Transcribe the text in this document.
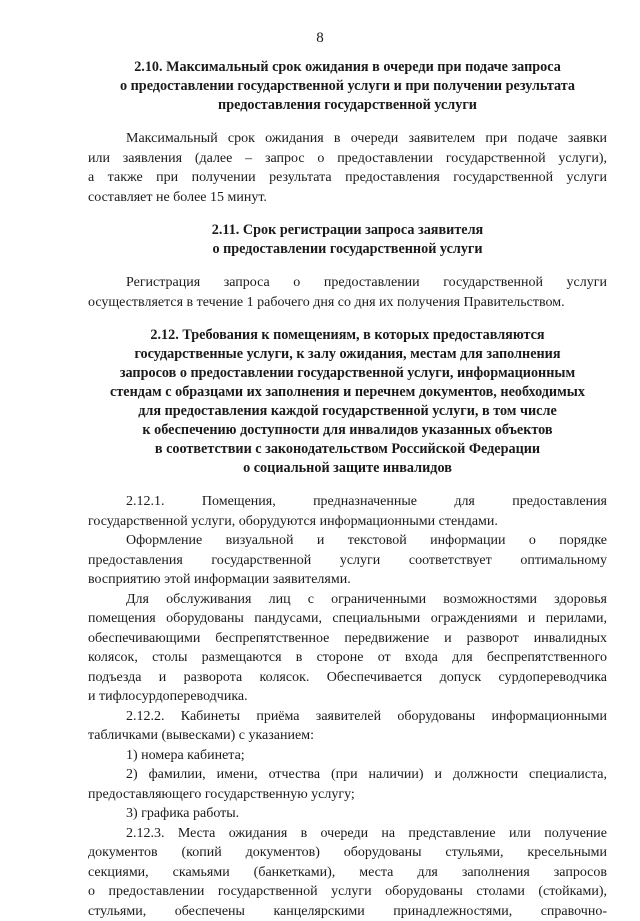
8
2.10. Максимальный срок ожидания в очереди при подаче запроса
о предоставлении государственной услуги и при получении результата
предоставления государственной услуги
Максимальный срок ожидания в очереди заявителем при подаче заявки
или заявления (далее – запрос о предоставлении государственной услуги),
а также при получении результата предоставления государственной услуги
составляет не более 15 минут.
2.11. Срок регистрации запроса заявителя
о предоставлении государственной услуги
Регистрация запроса о предоставлении государственной услуги
осуществляется в течение 1 рабочего дня со дня их получения Правительством.
2.12. Требования к помещениям, в которых предоставляются
государственные услуги, к залу ожидания, местам для заполнения
запросов о предоставлении государственной услуги, информационным
стендам с образцами их заполнения и перечнем документов, необходимых
для предоставления каждой государственной услуги, в том числе
к обеспечению доступности для инвалидов указанных объектов
в соответствии с законодательством Российской Федерации
о социальной защите инвалидов
2.12.1. Помещения, предназначенные для предоставления
государственной услуги, оборудуются информационными стендами.
Оформление визуальной и текстовой информации о порядке
предоставления государственной услуги соответствует оптимальному
восприятию этой информации заявителями.
Для обслуживания лиц с ограниченными возможностями здоровья
помещения оборудованы пандусами, специальными ограждениями и перилами,
обеспечивающими беспрепятственное передвижение и разворот инвалидных
колясок, столы размещаются в стороне от входа для беспрепятственного
подъезда и разворота колясок. Обеспечивается допуск сурдопереводчика
и тифлосурдопереводчика.
2.12.2. Кабинеты приёма заявителей оборудованы информационными
табличками (вывесками) с указанием:
1) номера кабинета;
2) фамилии, имени, отчества (при наличии) и должности специалиста,
предоставляющего государственную услугу;
3) графика работы.
2.12.3. Места ожидания в очереди на представление или получение
документов (копий документов) оборудованы стульями, кресельными
секциями, скамьями (банкетками), места для заполнения запросов
о предоставлении государственной услуги оборудованы столами (стойками),
стульями, обеспечены канцелярскими принадлежностями, справочно-
